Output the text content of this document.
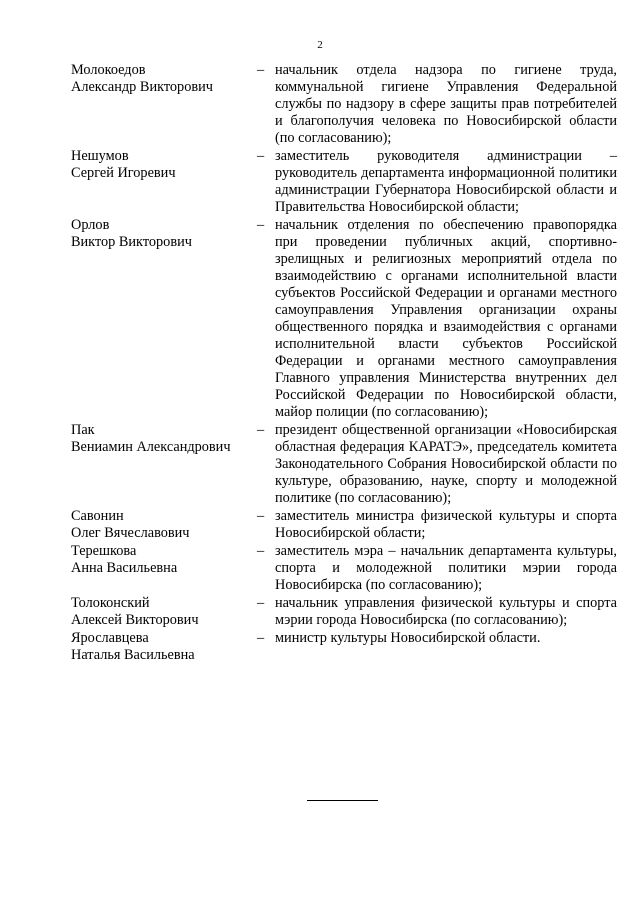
2
Молокоедов
Александр Викторович
– начальник отдела надзора по гигиене труда, коммунальной гигиене Управления Федеральной службы по надзору в сфере защиты прав потребителей и благополучия человека по Новосибирской области (по согласованию);
Нешумов
Сергей Игоревич
– заместитель руководителя администрации – руководитель департамента информационной политики администрации Губернатора Новосибирской области и Правительства Новосибирской области;
Орлов
Виктор Викторович
– начальник отделения по обеспечению правопорядка при проведении публичных акций, спортивно-зрелищных и религиозных мероприятий отдела по взаимодействию с органами исполнительной власти субъектов Российской Федерации и органами местного самоуправления Управления организации охраны общественного порядка и взаимодействия с органами исполнительной власти субъектов Российской Федерации и органами местного самоуправления Главного управления Министерства внутренних дел Российской Федерации по Новосибирской области, майор полиции (по согласованию);
Пак
Вениамин Александрович
– президент общественной организации «Новосибирская областная федерация КАРАТЭ», председатель комитета Законодательного Собрания Новосибирской области по культуре, образованию, науке, спорту и молодежной политике (по согласованию);
Савонин
Олег Вячеславович
– заместитель министра физической культуры и спорта Новосибирской области;
Терешкова
Анна Васильевна
– заместитель мэра – начальник департамента культуры, спорта и молодежной политики мэрии города Новосибирска (по согласованию);
Толоконский
Алексей Викторович
– начальник управления физической культуры и спорта мэрии города Новосибирска (по согласованию);
Ярославцева
Наталья Васильевна
– министр культуры Новосибирской области.
